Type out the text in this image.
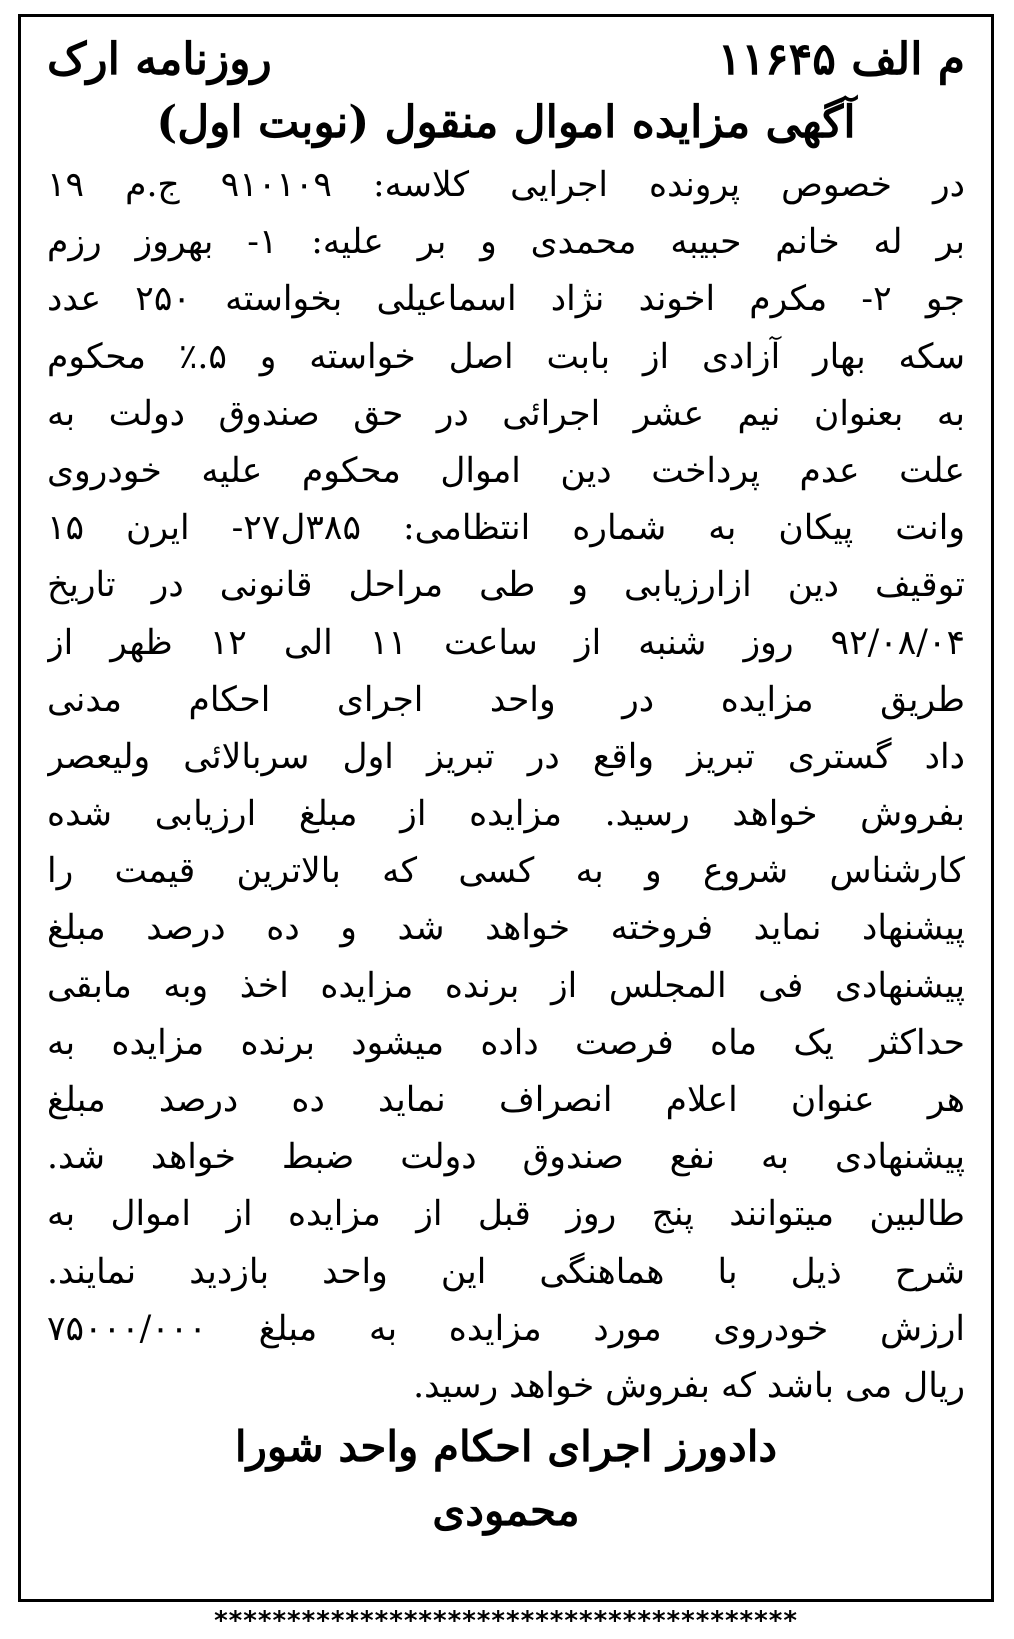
م الف ۱۱۶۴۵
روزنامه ارک
آگهی مزایده اموال منقول (نوبت اول)
در خصوص پرونده اجرایی کلاسه: ۹۱۰۱۰۹ ج.م ۱۹
بر له خانم حبیبه محمدی و بر علیه: ۱- بهروز رزم
جو ۲- مکرم اخوند نژاد اسماعیلی بخواسته ۲۵۰ عدد
سکه بهار آزادی از بابت اصل خواسته و ۵.٪ محکوم
به بعنوان نیم عشر اجرائی در حق صندوق دولت به
علت عدم پرداخت دین اموال محکوم علیه خودروی
وانت پیکان به شماره انتظامی: ۳۸۵ل۲۷- ایرن ۱۵
توقیف دین ازارزیابی و طی مراحل قانونی در تاریخ
۹۲/۰۸/۰۴ روز شنبه از ساعت ۱۱ الی ۱۲ ظهر از
طریق مزایده در واحد اجرای احکام مدنی
داد گستری تبریز واقع در تبریز اول سربالائی ولیعصر
بفروش خواهد رسید. مزایده از مبلغ ارزیابی شده
کارشناس شروع و به کسی که بالاترین قیمت را
پیشنهاد نماید فروخته خواهد شد و ده درصد مبلغ
پیشنهادی فی المجلس از برنده مزایده اخذ وبه مابقی
حداکثر یک ماه فرصت داده میشود برنده مزایده به
هر عنوان اعلام انصراف نماید ده درصد مبلغ
پیشنهادی به نفع صندوق دولت ضبط خواهد شد.
طالبین میتوانند پنج روز قبل از مزایده از اموال به
شرح ذیل با هماهنگی این واحد بازدید نمایند.
ارزش خودروی مورد مزایده به مبلغ ۷۵۰۰۰/۰۰۰
ریال می باشد که بفروش خواهد رسید.
دادورز اجرای احکام واحد شورا
محمودی
****************************************
